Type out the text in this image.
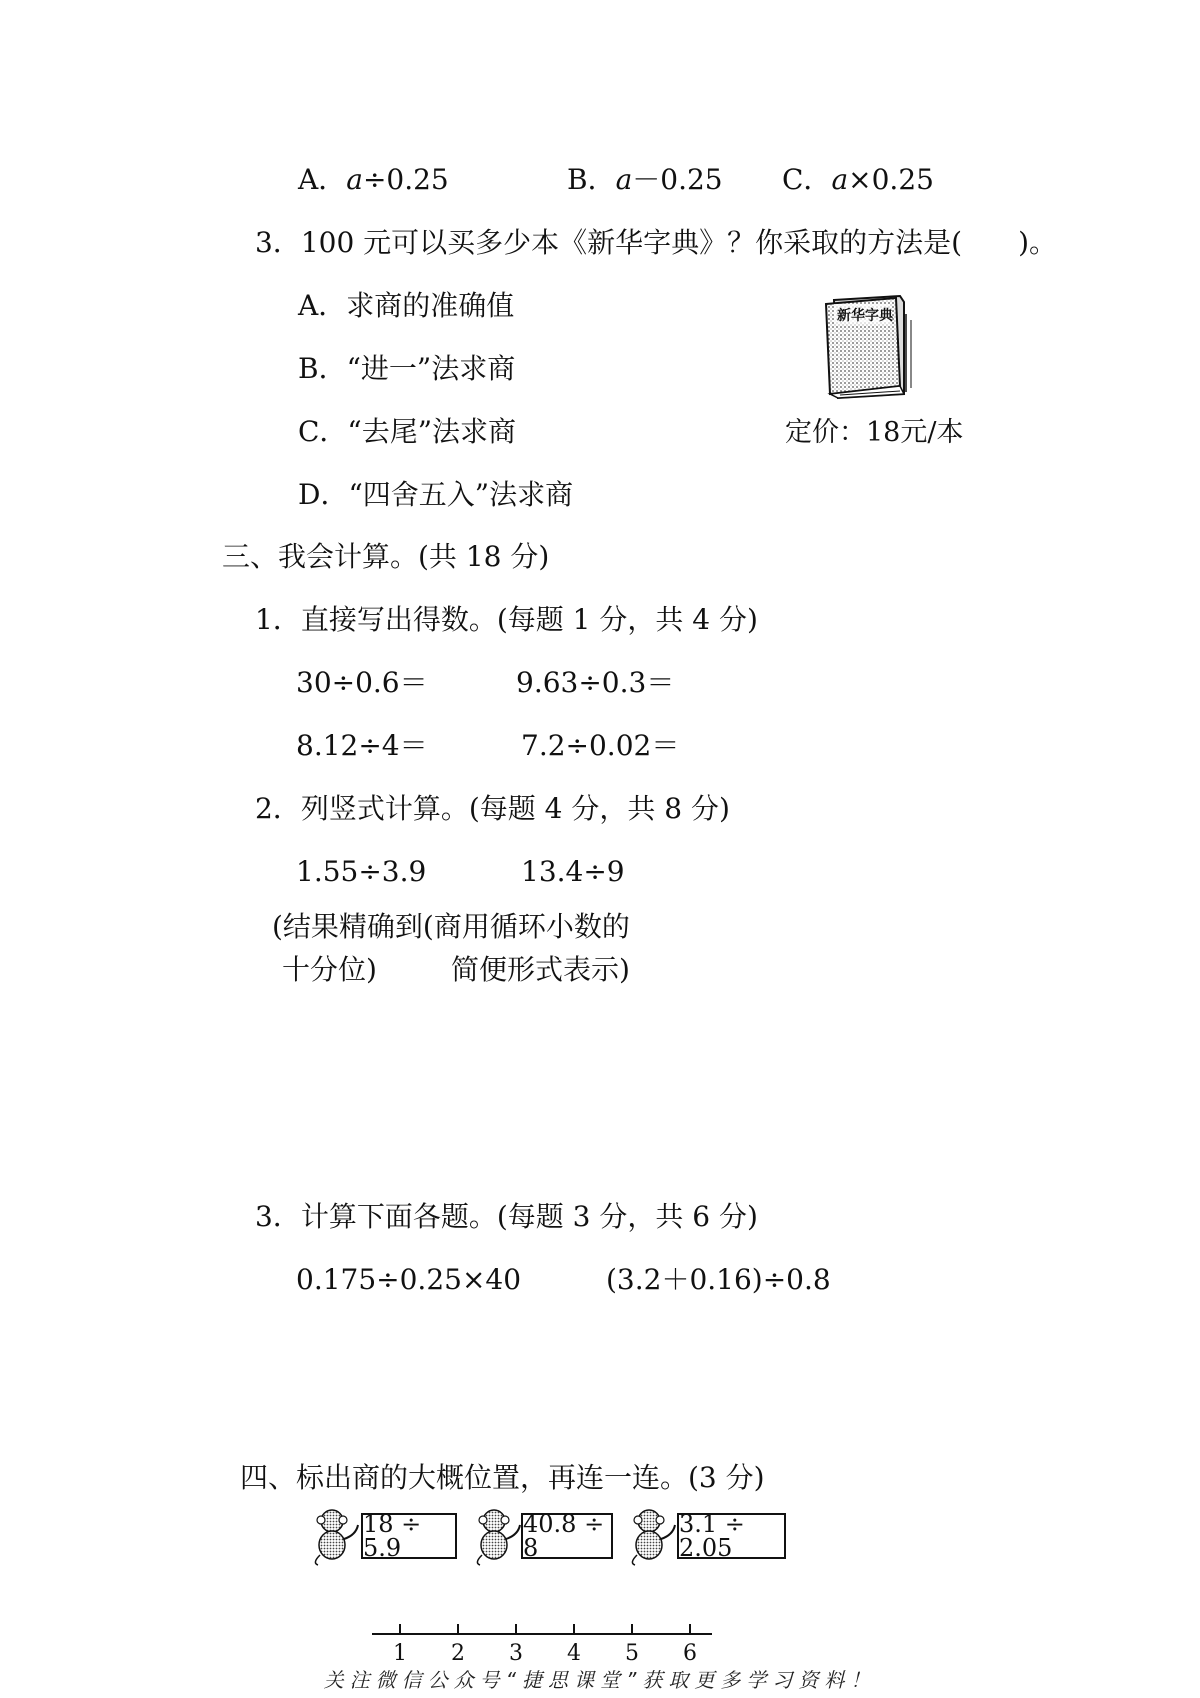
A．a÷0.25	B．a－0.25 C．a×0.25
3．100 元可以买多少本《新华字典》？你采取的方法是(　　)。
A．求商的准确值
B．“进一”法求商
C．“去尾”法求商
D．“四舍五入”法求商
新华字典
定价：18元/本
三、我会计算。(共 18 分)
1．直接写出得数。(每题 1 分，共 4 分)
30÷0.6＝	9.63÷0.3＝
8.12÷4＝	7.2÷0.02＝
2．列竖式计算。(每题 4 分，共 8 分)
1.55÷3.9	13.4÷9
(结果精确到(商用循环小数的
十分位)	简便形式表示)
3．计算下面各题。(每题 3 分，共 6 分)
0.175÷0.25×40	(3.2＋0.16)÷0.8
四、标出商的大概位置，再连一连。(3 分)
18 ÷ 5.9
40.8 ÷ 8
3.1 ÷ 2.05
1 2 3 4 5 6
关注微信公众号“捷思课堂”获取更多学习资料！
